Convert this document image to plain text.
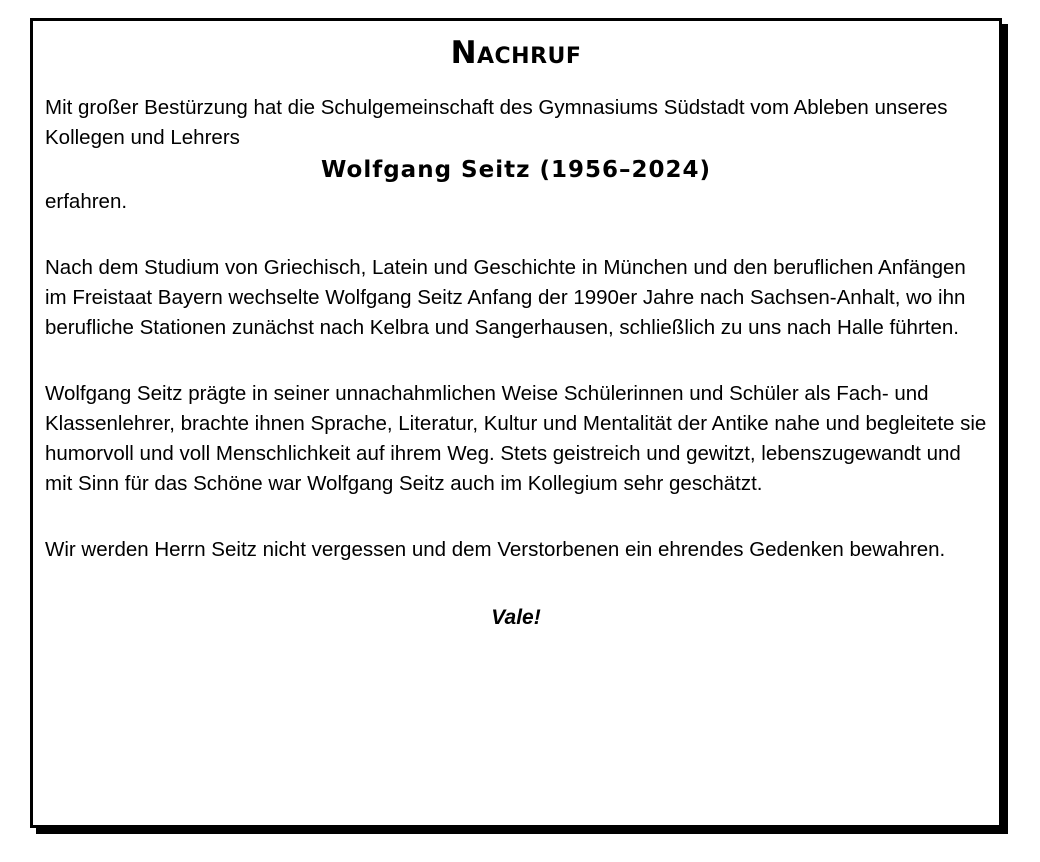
Nachruf

Mit großer Bestürzung hat die Schulgemeinschaft des Gymnasiums Südstadt vom Ableben unseres Kollegen und Lehrers

Wolfgang Seitz (1956–2024)

erfahren.

Nach dem Studium von Griechisch, Latein und Geschichte in München und den beruflichen Anfängen im Freistaat Bayern wechselte Wolfgang Seitz Anfang der 1990er Jahre nach Sachsen-Anhalt, wo ihn berufliche Stationen zunächst nach Kelbra und Sangerhausen, schließlich zu uns nach Halle führten.

Wolfgang Seitz prägte in seiner unnachahmlichen Weise Schülerinnen und Schüler als Fach- und Klassenlehrer, brachte ihnen Sprache, Literatur, Kultur und Mentalität der Antike nahe und begleitete sie humorvoll und voll Menschlichkeit auf ihrem Weg. Stets geistreich und gewitzt, lebenszugewandt und mit Sinn für das Schöne war Wolfgang Seitz auch im Kollegium sehr geschätzt.

Wir werden Herrn Seitz nicht vergessen und dem Verstorbenen ein ehrendes Gedenken bewahren.

Vale!
